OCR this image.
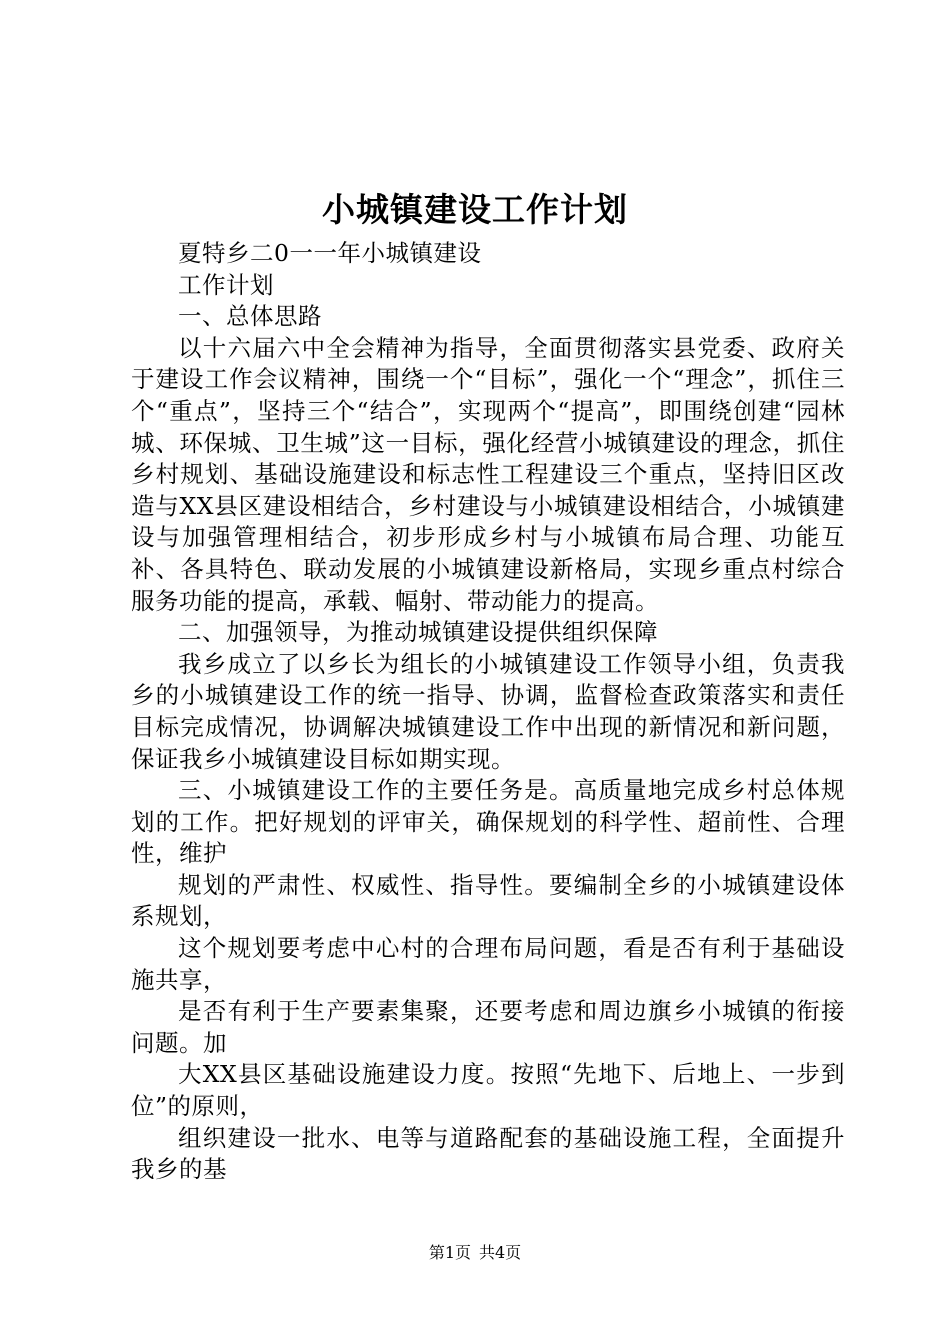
小城镇建设工作计划

夏特乡二0一一年小城镇建设

工作计划

一、总体思路

以十六届六中全会精神为指导，全面贯彻落实县党委、政府关于建设工作会议精神，围绕一个“目标”，强化一个“理念”，抓住三个“重点”，坚持三个“结合”，实现两个“提高”，即围绕创建“园林城、环保城、卫生城”这一目标，强化经营小城镇建设的理念，抓住乡村规划、基础设施建设和标志性工程建设三个重点，坚持旧区改造与XX县区建设相结合，乡村建设与小城镇建设相结合，小城镇建设与加强管理相结合，初步形成乡村与小城镇布局合理、功能互补、各具特色、联动发展的小城镇建设新格局，实现乡重点村综合服务功能的提高，承载、幅射、带动能力的提高。

二、加强领导，为推动城镇建设提供组织保障

我乡成立了以乡长为组长的小城镇建设工作领导小组，负责我乡的小城镇建设工作的统一指导、协调，监督检查政策落实和责任目标完成情况，协调解决城镇建设工作中出现的新情况和新问题，保证我乡小城镇建设目标如期实现。

三、小城镇建设工作的主要任务是。高质量地完成乡村总体规划的工作。把好规划的评审关，确保规划的科学性、超前性、合理性，维护

规划的严肃性、权威性、指导性。要编制全乡的小城镇建设体系规划，

这个规划要考虑中心村的合理布局问题，看是否有利于基础设施共享，

是否有利于生产要素集聚，还要考虑和周边旗乡小城镇的衔接问题。加

大XX县区基础设施建设力度。按照“先地下、后地上、一步到位”的原则，

组织建设一批水、电等与道路配套的基础设施工程，全面提升我乡的基

第1页 共4页
